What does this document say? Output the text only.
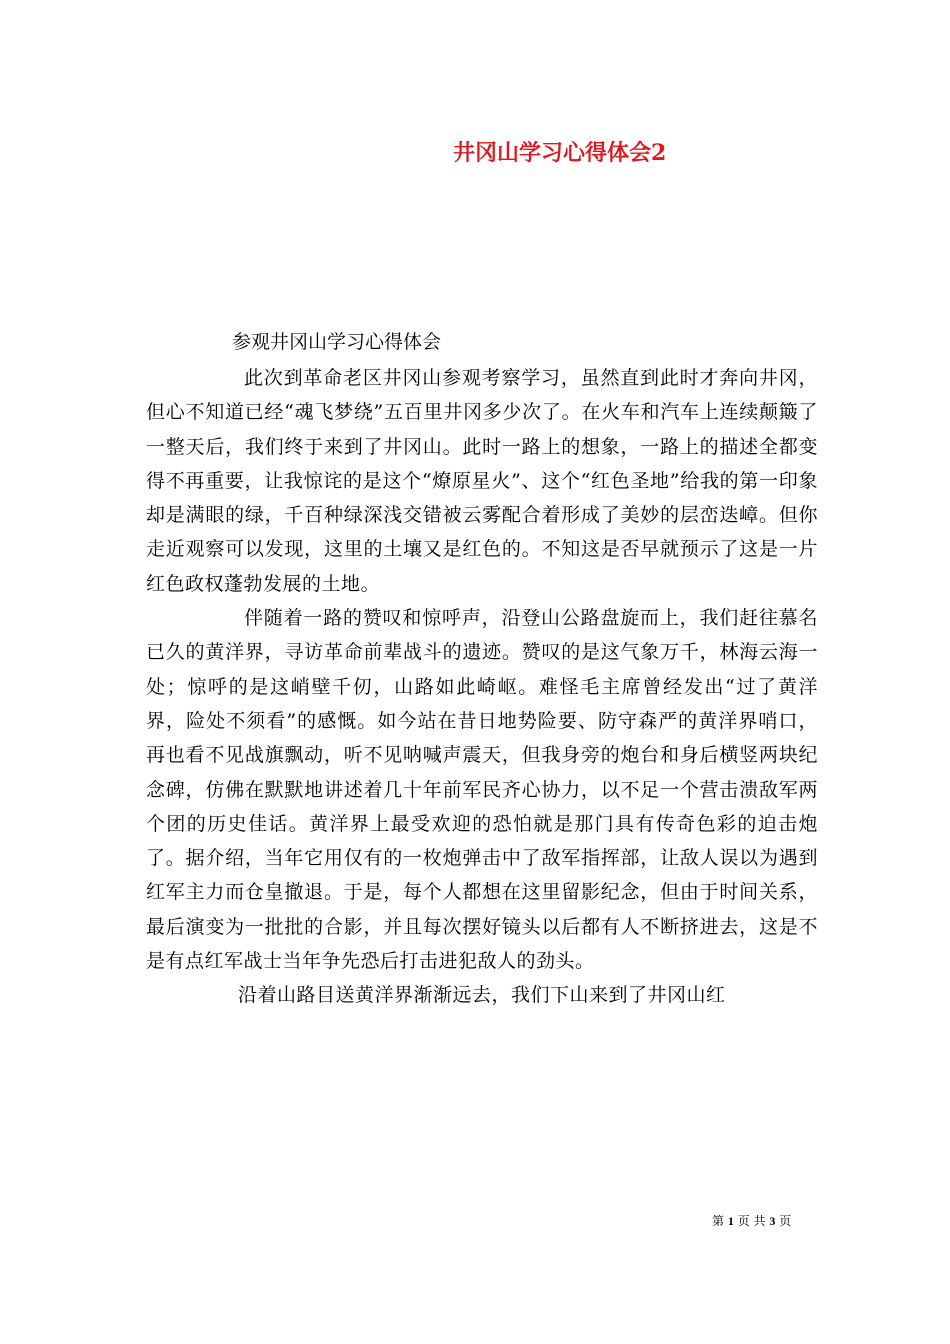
井冈山学习心得体会2
参观井冈山学习心得体会

此次到革命老区井冈山参观考察学习，虽然直到此时才奔向井冈，但心不知道已经“魂飞梦绕”五百里井冈多少次了。在火车和汽车上连续颠簸了一整天后，我们终于来到了井冈山。此时一路上的想象，一路上的描述全都变得不再重要，让我惊诧的是这个“燎原星火”、这个“红色圣地”给我的第一印象却是满眼的绿，千百种绿深浅交错被云雾配合着形成了美妙的层峦迭嶂。但你走近观察可以发现，这里的土壤又是红色的。不知这是否早就预示了这是一片红色政权蓬勃发展的土地。

伴随着一路的赞叹和惊呼声，沿登山公路盘旋而上，我们赶往慕名已久的黄洋界，寻访革命前辈战斗的遗迹。赞叹的是这气象万千，林海云海一处；惊呼的是这峭壁千仞，山路如此崎岖。难怪毛主席曾经发出“过了黄洋界，险处不须看”的感慨。如今站在昔日地势险要、防守森严的黄洋界哨口，再也看不见战旗飘动，听不见呐喊声震天，但我身旁的炮台和身后横竖两块纪念碑，仿佛在默默地讲述着几十年前军民齐心协力，以不足一个营击溃敌军两个团的历史佳话。黄洋界上最受欢迎的恐怕就是那门具有传奇色彩的迫击炮了。据介绍，当年它用仅有的一枚炮弹击中了敌军指挥部，让敌人误以为遇到红军主力而仓皇撤退。于是，每个人都想在这里留影纪念，但由于时间关系，最后演变为一批批的合影，并且每次摆好镜头以后都有人不断挤进去，这是不是有点红军战士当年争先恐后打击进犯敌人的劲头。

沿着山路目送黄洋界渐渐远去，我们下山来到了井冈山红

第 1 页 共 3 页
